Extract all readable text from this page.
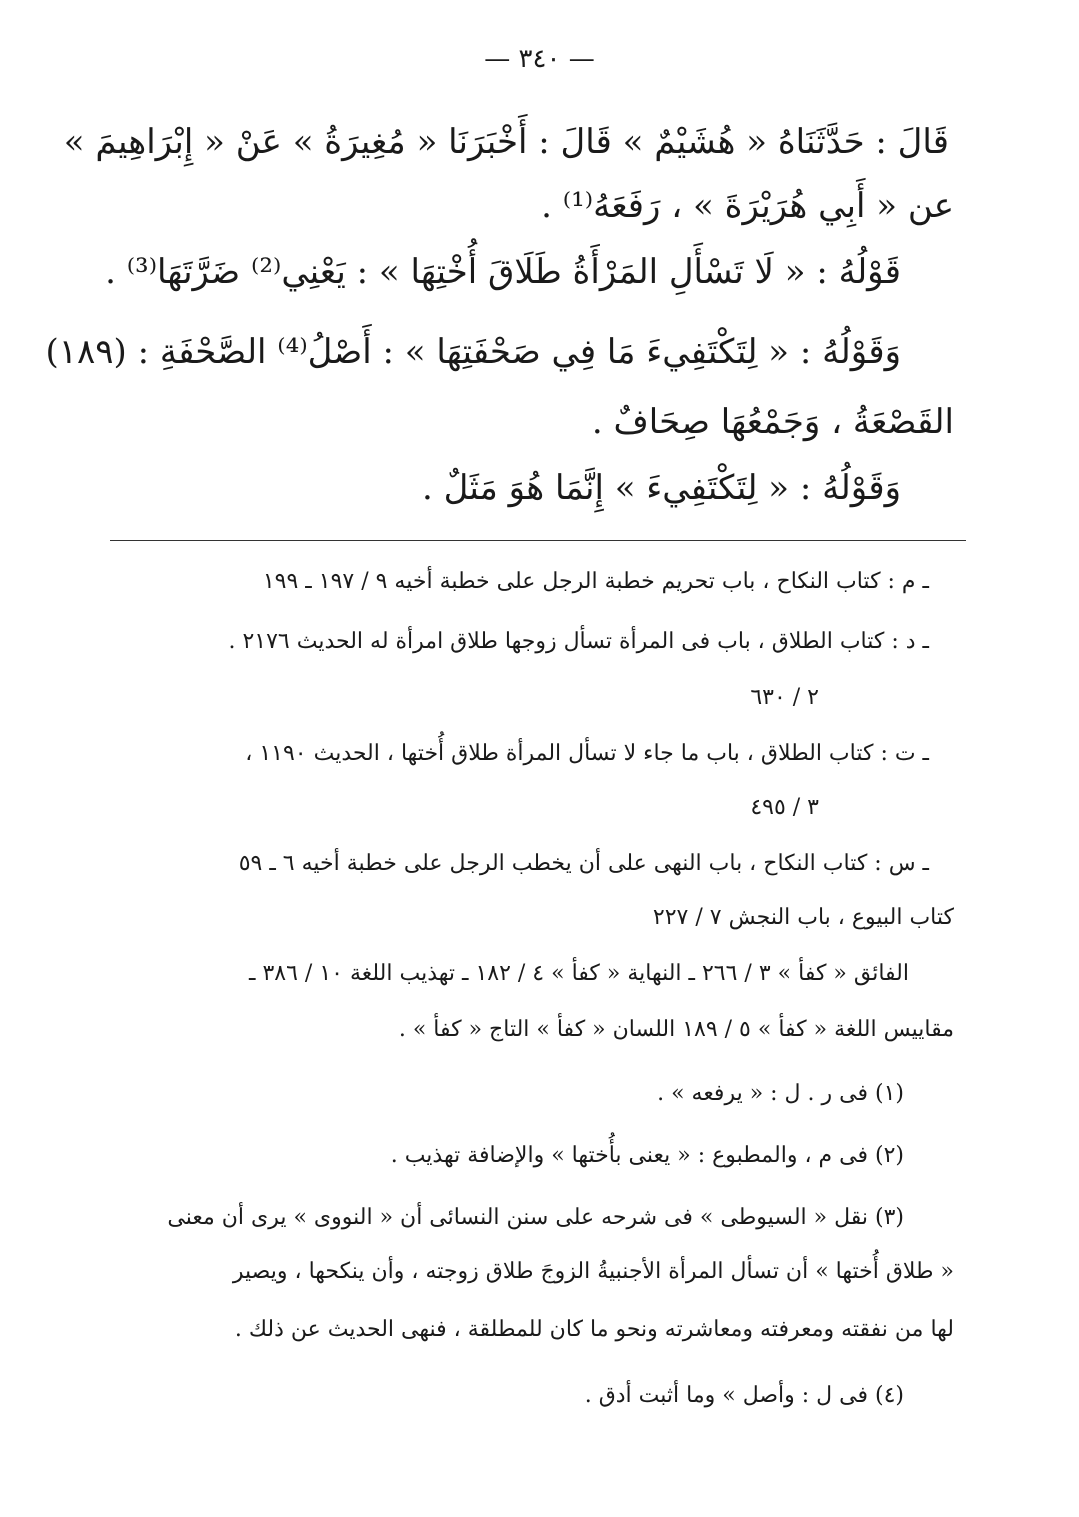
— ٣٤٠ —
قَالَ : حَدَّثَنَاهُ « هُشَيْمٌ » قَالَ : أَخْبَرَنَا « مُغِيرَةُ » عَنْ « إِبْرَاهِيمَ »
عن « أَبِي هُرَيْرَةَ » ، رَفَعَهُ⁽¹⁾ .
قَوْلُهُ : « لَا تَسْأَلِ المَرْأَةُ طَلَاقَ أُخْتِهَا » : يَعْنِي⁽²⁾ ضَرَّتَهَا⁽³⁾ .
وَقَوْلُهُ : « لِتَكْتَفِيءَ مَا فِي صَحْفَتِهَا » : أَصْلُ⁽⁴⁾ الصَّحْفَةِ : (١٨٩)
القَصْعَةُ ، وَجَمْعُهَا صِحَافٌ .
وَقَوْلُهُ : « لِتَكْتَفِيءَ » إِنَّمَا هُوَ مَثَلٌ .
ـ م : كتاب النكاح ، باب تحريم خطبة الرجل على خطبة أخيه ٩ / ١٩٧ ـ ١٩٩
ـ د : كتاب الطلاق ، باب فى المرأة تسأل زوجها طلاق امرأة له الحديث ٢١٧٦ .
٢ / ٦٣٠
ـ ت : كتاب الطلاق ، باب ما جاء لا تسأل المرأة طلاق أُختها ، الحديث ١١٩٠ ،
٣ / ٤٩٥
ـ س : كتاب النكاح ، باب النهى على أن يخطب الرجل على خطبة أخيه ٦ ـ ٥٩
كتاب البيوع ، باب النجش ٧ / ٢٢٧
الفائق « كفأ » ٣ / ٢٦٦ ـ النهاية « كفأ » ٤ / ١٨٢ ـ تهذيب اللغة ١٠ / ٣٨٦ ـ
مقاييس اللغة « كفأ » ٥ / ١٨٩ اللسان « كفأ » التاج « كفأ » .
(١) فى ر . ل : « يرفعه » .
(٢) فى م ، والمطبوع : « يعنى بأُختها » والإضافة تهذيب .
(٣) نقل « السيوطى » فى شرحه على سنن النسائى أن « النووى » يرى أن معنى
« طلاق أُختها » أن تسأل المرأة الأجنبيةُ الزوجَ طلاق زوجته ، وأن ينكحها ، ويصير
لها من نفقته ومعرفته ومعاشرته ونحو ما كان للمطلقة ، فنهى الحديث عن ذلك .
(٤) فى ل : وأصل » وما أثبت أدق .
